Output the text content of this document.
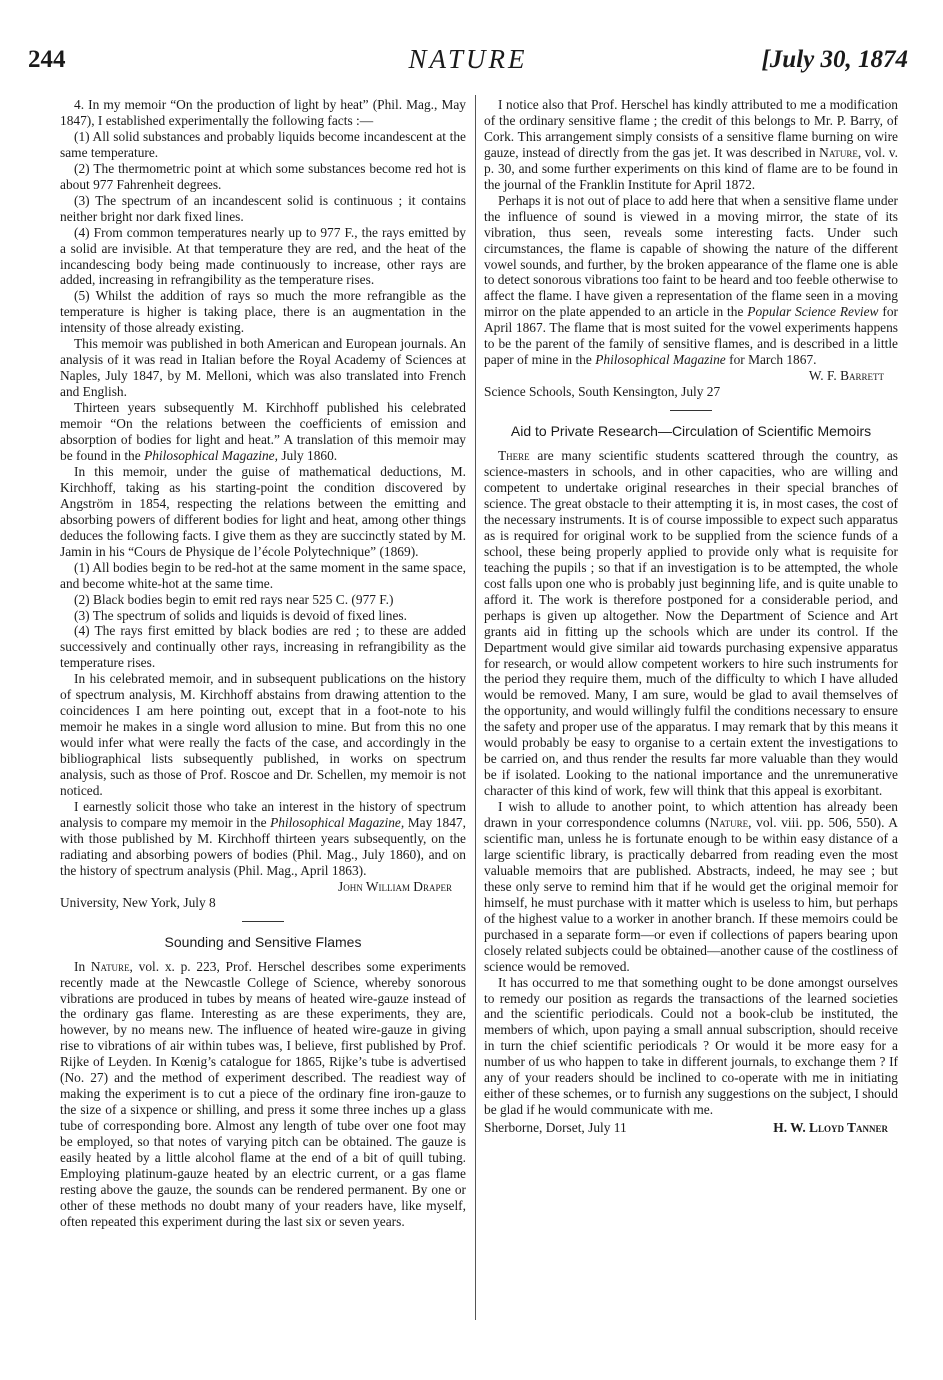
244	NATURE	[July 30, 1874

4. In my memoir “On the production of light by heat” (Phil. Mag., May 1847), I established experimentally the following facts :—

(1) All solid substances and probably liquids become incandescent at the same temperature.

(2) The thermometric point at which some substances become red hot is about 977 Fahrenheit degrees.

(3) The spectrum of an incandescent solid is continuous ; it contains neither bright nor dark fixed lines.

(4) From common temperatures nearly up to 977 F., the rays emitted by a solid are invisible. At that temperature they are red, and the heat of the incandescing body being made continuously to increase, other rays are added, increasing in refrangibility as the temperature rises.

(5) Whilst the addition of rays so much the more refrangible as the temperature is higher is taking place, there is an augmentation in the intensity of those already existing.

This memoir was published in both American and European journals. An analysis of it was read in Italian before the Royal Academy of Sciences at Naples, July 1847, by M. Melloni, which was also translated into French and English.

Thirteen years subsequently M. Kirchhoff published his celebrated memoir “On the relations between the coefficients of emission and absorption of bodies for light and heat.” A translation of this memoir may be found in the Philosophical Magazine, July 1860.

In this memoir, under the guise of mathematical deductions, M. Kirchhoff, taking as his starting-point the condition discovered by Angström in 1854, respecting the relations between the emitting and absorbing powers of different bodies for light and heat, among other things deduces the following facts. I give them as they are succinctly stated by M. Jamin in his “Cours de Physique de l’école Polytechnique” (1869).

(1) All bodies begin to be red-hot at the same moment in the same space, and become white-hot at the same time.

(2) Black bodies begin to emit red rays near 525 C. (977 F.)

(3) The spectrum of solids and liquids is devoid of fixed lines.

(4) The rays first emitted by black bodies are red ; to these are added successively and continually other rays, increasing in refrangibility as the temperature rises.

In his celebrated memoir, and in subsequent publications on the history of spectrum analysis, M. Kirchhoff abstains from drawing attention to the coincidences I am here pointing out, except that in a foot-note to his memoir he makes in a single word allusion to mine. But from this no one would infer what were really the facts of the case, and accordingly in the bibliographical lists subsequently published, in works on spectrum analysis, such as those of Prof. Roscoe and Dr. Schellen, my memoir is not noticed.

I earnestly solicit those who take an interest in the history of spectrum analysis to compare my memoir in the Philosophical Magazine, May 1847, with those published by M. Kirchhoff thirteen years subsequently, on the radiating and absorbing powers of bodies (Phil. Mag., July 1860), and on the history of spectrum analysis (Phil. Mag., April 1863).

John William Draper

University, New York, July 8

Sounding and Sensitive Flames

In Nature, vol. x. p. 223, Prof. Herschel describes some experiments recently made at the Newcastle College of Science, whereby sonorous vibrations are produced in tubes by means of heated wire-gauze instead of the ordinary gas flame. Interesting as are these experiments, they are, however, by no means new. The influence of heated wire-gauze in giving rise to vibrations of air within tubes was, I believe, first published by Prof. Rijke of Leyden. In Kœnig’s catalogue for 1865, Rijke’s tube is advertised (No. 27) and the method of experiment described. The readiest way of making the experiment is to cut a piece of the ordinary fine iron-gauze to the size of a sixpence or shilling, and press it some three inches up a glass tube of corresponding bore. Almost any length of tube over one foot may be employed, so that notes of varying pitch can be obtained. The gauze is easily heated by a little alcohol flame at the end of a bit of quill tubing. Employing platinum-gauze heated by an electric current, or a gas flame resting above the gauze, the sounds can be rendered permanent. By one or other of these methods no doubt many of your readers have, like myself, often repeated this experiment during the last six or seven years.

I notice also that Prof. Herschel has kindly attributed to me a modification of the ordinary sensitive flame ; the credit of this belongs to Mr. P. Barry, of Cork. This arrangement simply consists of a sensitive flame burning on wire gauze, instead of directly from the gas jet. It was described in Nature, vol. v. p. 30, and some further experiments on this kind of flame are to be found in the journal of the Franklin Institute for April 1872.

Perhaps it is not out of place to add here that when a sensitive flame under the influence of sound is viewed in a moving mirror, the state of its vibration, thus seen, reveals some interesting facts. Under such circumstances, the flame is capable of showing the nature of the different vowel sounds, and further, by the broken appearance of the flame one is able to detect sonorous vibrations too faint to be heard and too feeble otherwise to affect the flame. I have given a representation of the flame seen in a moving mirror on the plate appended to an article in the Popular Science Review for April 1867. The flame that is most suited for the vowel experiments happens to be the parent of the family of sensitive flames, and is described in a little paper of mine in the Philosophical Magazine for March 1867.

W. F. Barrett

Science Schools, South Kensington, July 27

Aid to Private Research—Circulation of Scientific Memoirs

There are many scientific students scattered through the country, as science-masters in schools, and in other capacities, who are willing and competent to undertake original researches in their special branches of science. The great obstacle to their attempting it is, in most cases, the cost of the necessary instruments. It is of course impossible to expect such apparatus as is required for original work to be supplied from the science funds of a school, these being properly applied to provide only what is requisite for teaching the pupils ; so that if an investigation is to be attempted, the whole cost falls upon one who is probably just beginning life, and is quite unable to afford it. The work is therefore postponed for a considerable period, and perhaps is given up altogether. Now the Department of Science and Art grants aid in fitting up the schools which are under its control. If the Department would give similar aid towards purchasing expensive apparatus for research, or would allow competent workers to hire such instruments for the period they require them, much of the difficulty to which I have alluded would be removed. Many, I am sure, would be glad to avail themselves of the opportunity, and would willingly fulfil the conditions necessary to ensure the safety and proper use of the apparatus. I may remark that by this means it would probably be easy to organise to a certain extent the investigations to be carried on, and thus render the results far more valuable than they would be if isolated. Looking to the national importance and the unremunerative character of this kind of work, few will think that this appeal is exorbitant.

I wish to allude to another point, to which attention has already been drawn in your correspondence columns (Nature, vol. viii. pp. 506, 550). A scientific man, unless he is fortunate enough to be within easy distance of a large scientific library, is practically debarred from reading even the most valuable memoirs that are published. Abstracts, indeed, he may see ; but these only serve to remind him that if he would get the original memoir for himself, he must purchase with it matter which is useless to him, but perhaps of the highest value to a worker in another branch. If these memoirs could be purchased in a separate form—or even if collections of papers bearing upon closely related subjects could be obtained—another cause of the costliness of science would be removed.

It has occurred to me that something ought to be done amongst ourselves to remedy our position as regards the transactions of the learned societies and the scientific periodicals. Could not a book-club be instituted, the members of which, upon paying a small annual subscription, should receive in turn the chief scientific periodicals ? Or would it be more easy for a number of us who happen to take in different journals, to exchange them ? If any of your readers should be inclined to co-operate with me in initiating either of these schemes, or to furnish any suggestions on the subject, I should be glad if he would communicate with me.

Sherborne, Dorset, July 11	H. W. Lloyd Tanner
